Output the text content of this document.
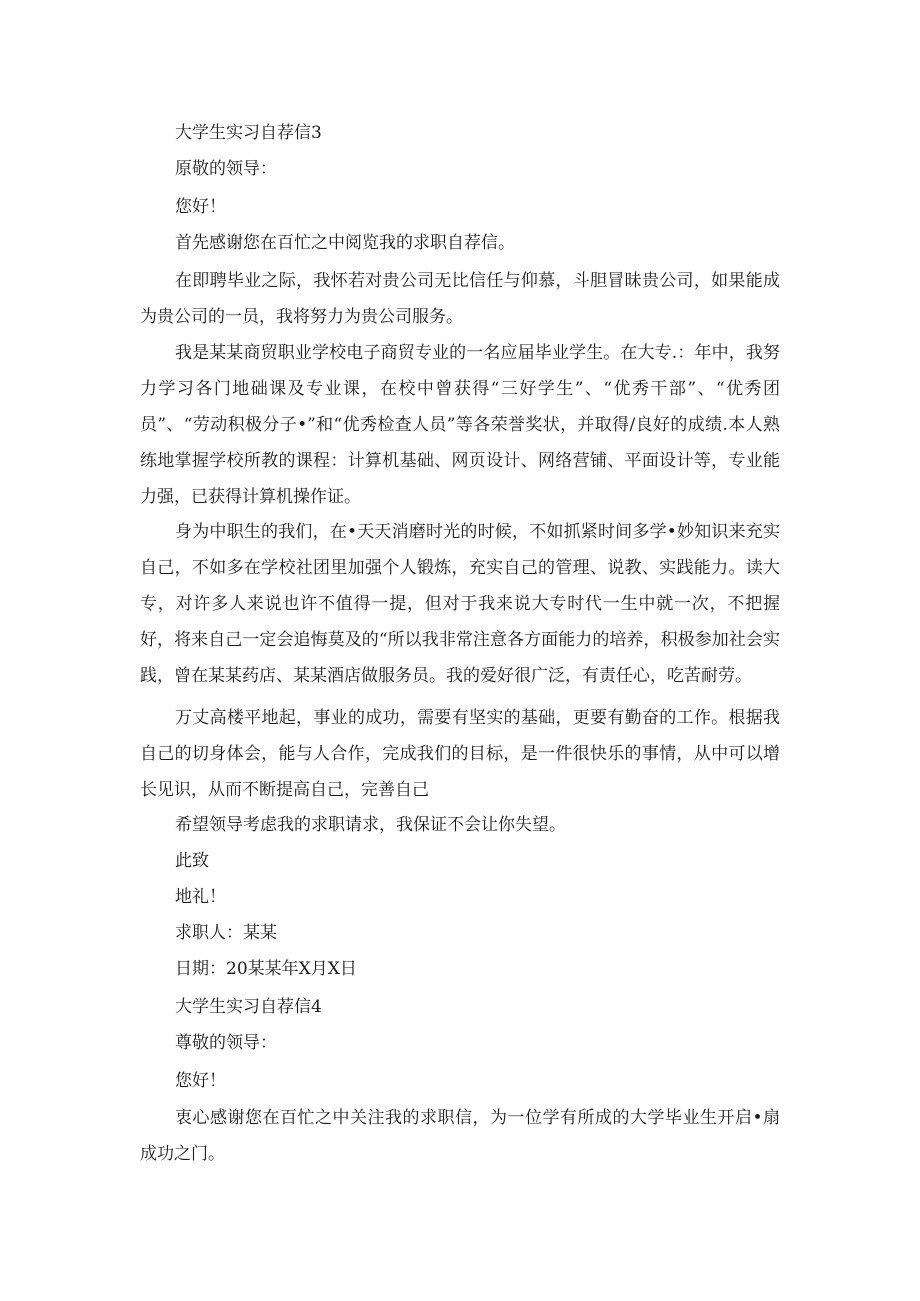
大学生实习自荐信3
原敬的领导：
您好！
首先感谢您在百忙之中阅览我的求职自荐信。
在即聘毕业之际，我怀若对贵公司无比信任与仰慕，斗胆冒昧贵公司，如果能成为贵公司的一员，我将努力为贵公司服务。
我是某某商贸职业学校电子商贸专业的一名应届毕业学生。在大专.：年中，我努力学习各门地础课及专业课，在校中曾获得“三好学生”、“优秀干部”、“优秀团员”、“劳动积极分子•”和“优秀检查人员”等各荣誉奖状，并取得/良好的成绩.本人熟练地掌握学校所教的课程：计算机基础、网页设计、网络营铺、平面设计等，专业能力强，已获得计算机操作证。
身为中职生的我们，在•天天消磨时光的时候，不如抓紧时间多学•妙知识来充实自己，不如多在学校社团里加强个人锻炼，充实自己的管理、说教、实践能力。读大专，对许多人来说也许不值得一提，但对于我来说大专时代一生中就一次，不把握好，将来自己一定会追悔莫及的“所以我非常注意各方面能力的培养，积极参加社会实践，曾在某某药店、某某酒店做服务员。我的爱好很广泛，有责任心，吃苦耐劳。
万丈高楼平地起，事业的成功，需要有坚实的基础，更要有勤奋的工作。根据我自己的切身体会，能与人合作，完成我们的目标，是一件很快乐的事情，从中可以增长见识，从而不断提高自己，完善自己
希望领导考虑我的求职请求，我保证不会让你失望。
此致
地礼！
求职人：某某
日期：20某某年X月X日
大学生实习自荐信4
尊敬的领导：
您好！
衷心感谢您在百忙之中关注我的求职信，为一位学有所成的大学毕业生开启•扇成功之门。
